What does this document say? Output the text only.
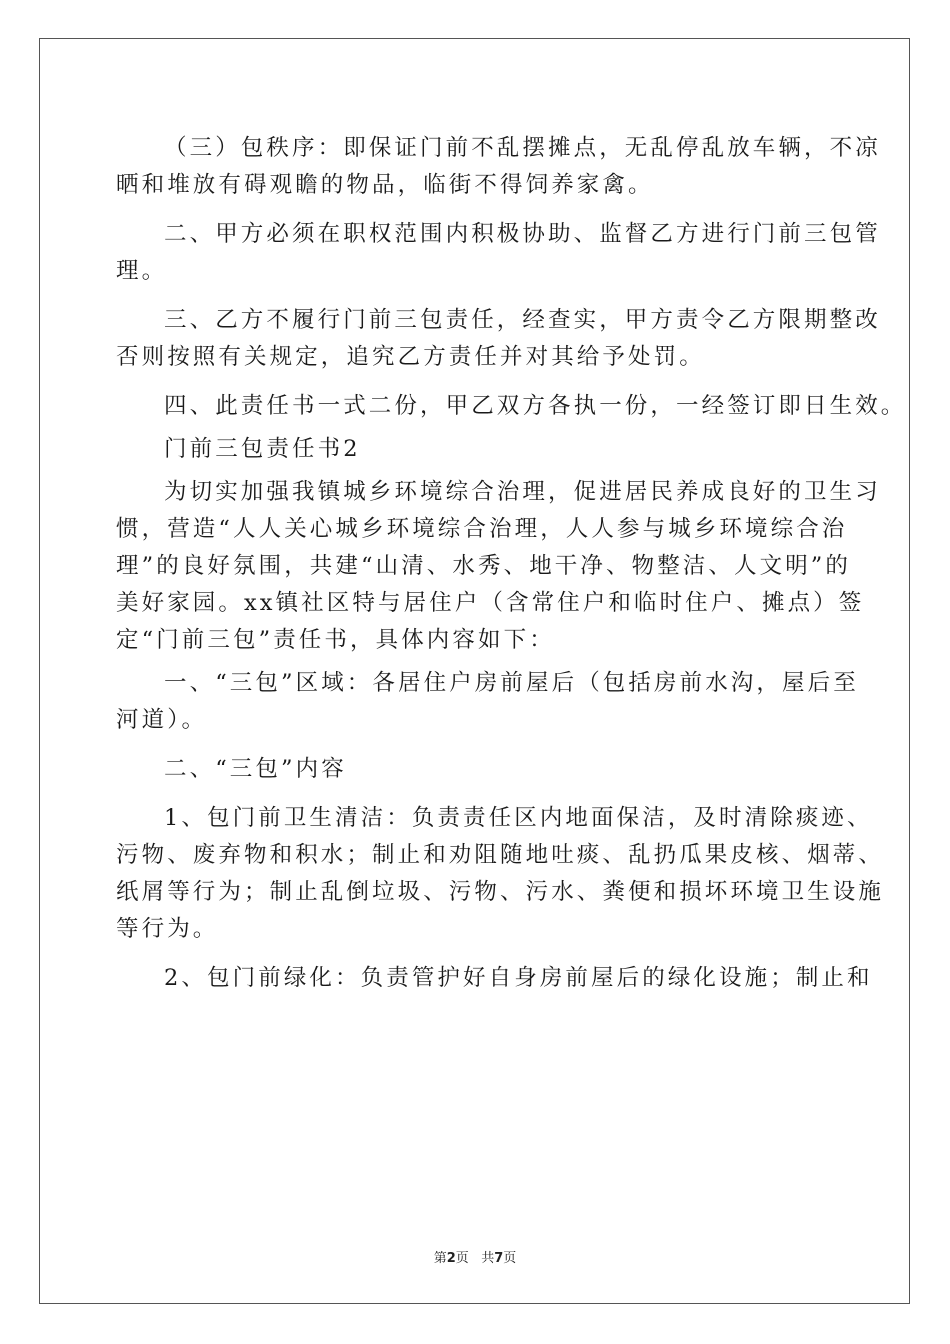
（三）包秩序：即保证门前不乱摆摊点，无乱停乱放车辆，不凉
晒和堆放有碍观瞻的物品，临街不得饲养家禽。
二、甲方必须在职权范围内积极协助、监督乙方进行门前三包管
理。
三、乙方不履行门前三包责任，经查实，甲方责令乙方限期整改
否则按照有关规定，追究乙方责任并对其给予处罚。
四、此责任书一式二份，甲乙双方各执一份，一经签订即日生效。
门前三包责任书2
为切实加强我镇城乡环境综合治理，促进居民养成良好的卫生习
惯，营造“人人关心城乡环境综合治理，人人参与城乡环境综合治
理”的良好氛围，共建“山清、水秀、地干净、物整洁、人文明”的
美好家园。xx镇社区特与居住户（含常住户和临时住户、摊点）签
定“门前三包”责任书，具体内容如下：
一、“三包”区域：各居住户房前屋后（包括房前水沟，屋后至
河道）。
二、“三包”内容
1、包门前卫生清洁：负责责任区内地面保洁，及时清除痰迹、
污物、废弃物和积水；制止和劝阻随地吐痰、乱扔瓜果皮核、烟蒂、
纸屑等行为；制止乱倒垃圾、污物、污水、粪便和损坏环境卫生设施
等行为。
2、包门前绿化：负责管护好自身房前屋后的绿化设施；制止和
第2页 共7页
